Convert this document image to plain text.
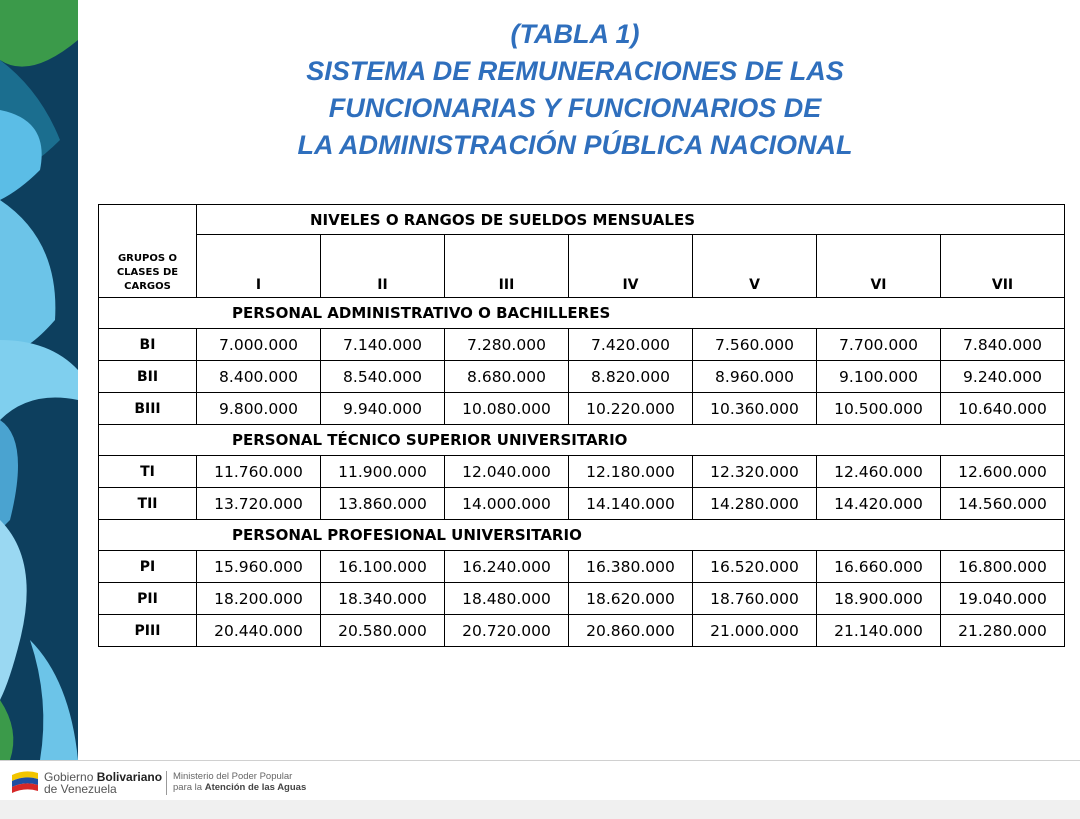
(TABLA 1)
SISTEMA DE REMUNERACIONES DE LAS
FUNCIONARIAS Y FUNCIONARIOS DE
LA ADMINISTRACIÓN PÚBLICA NACIONAL
GRUPOS O
CLASES DE
CARGOS	NIVELES O RANGOS DE SUELDOS MENSUALES						
	I	II	III	IV	V	VI	VII
PERSONAL ADMINISTRATIVO O BACHILLERES							
BI	7.000.000	7.140.000	7.280.000	7.420.000	7.560.000	7.700.000	7.840.000
BII	8.400.000	8.540.000	8.680.000	8.820.000	8.960.000	9.100.000	9.240.000
BIII	9.800.000	9.940.000	10.080.000	10.220.000	10.360.000	10.500.000	10.640.000
PERSONAL TÉCNICO SUPERIOR UNIVERSITARIO							
TI	11.760.000	11.900.000	12.040.000	12.180.000	12.320.000	12.460.000	12.600.000
TII	13.720.000	13.860.000	14.000.000	14.140.000	14.280.000	14.420.000	14.560.000
PERSONAL PROFESIONAL UNIVERSITARIO							
PI	15.960.000	16.100.000	16.240.000	16.380.000	16.520.000	16.660.000	16.800.000
PII	18.200.000	18.340.000	18.480.000	18.620.000	18.760.000	18.900.000	19.040.000
PIII	20.440.000	20.580.000	20.720.000	20.860.000	21.000.000	21.140.000	21.280.000
Gobierno Bolivariano
de Venezuela
Ministerio del Poder Popular
para la Atención de las Aguas
